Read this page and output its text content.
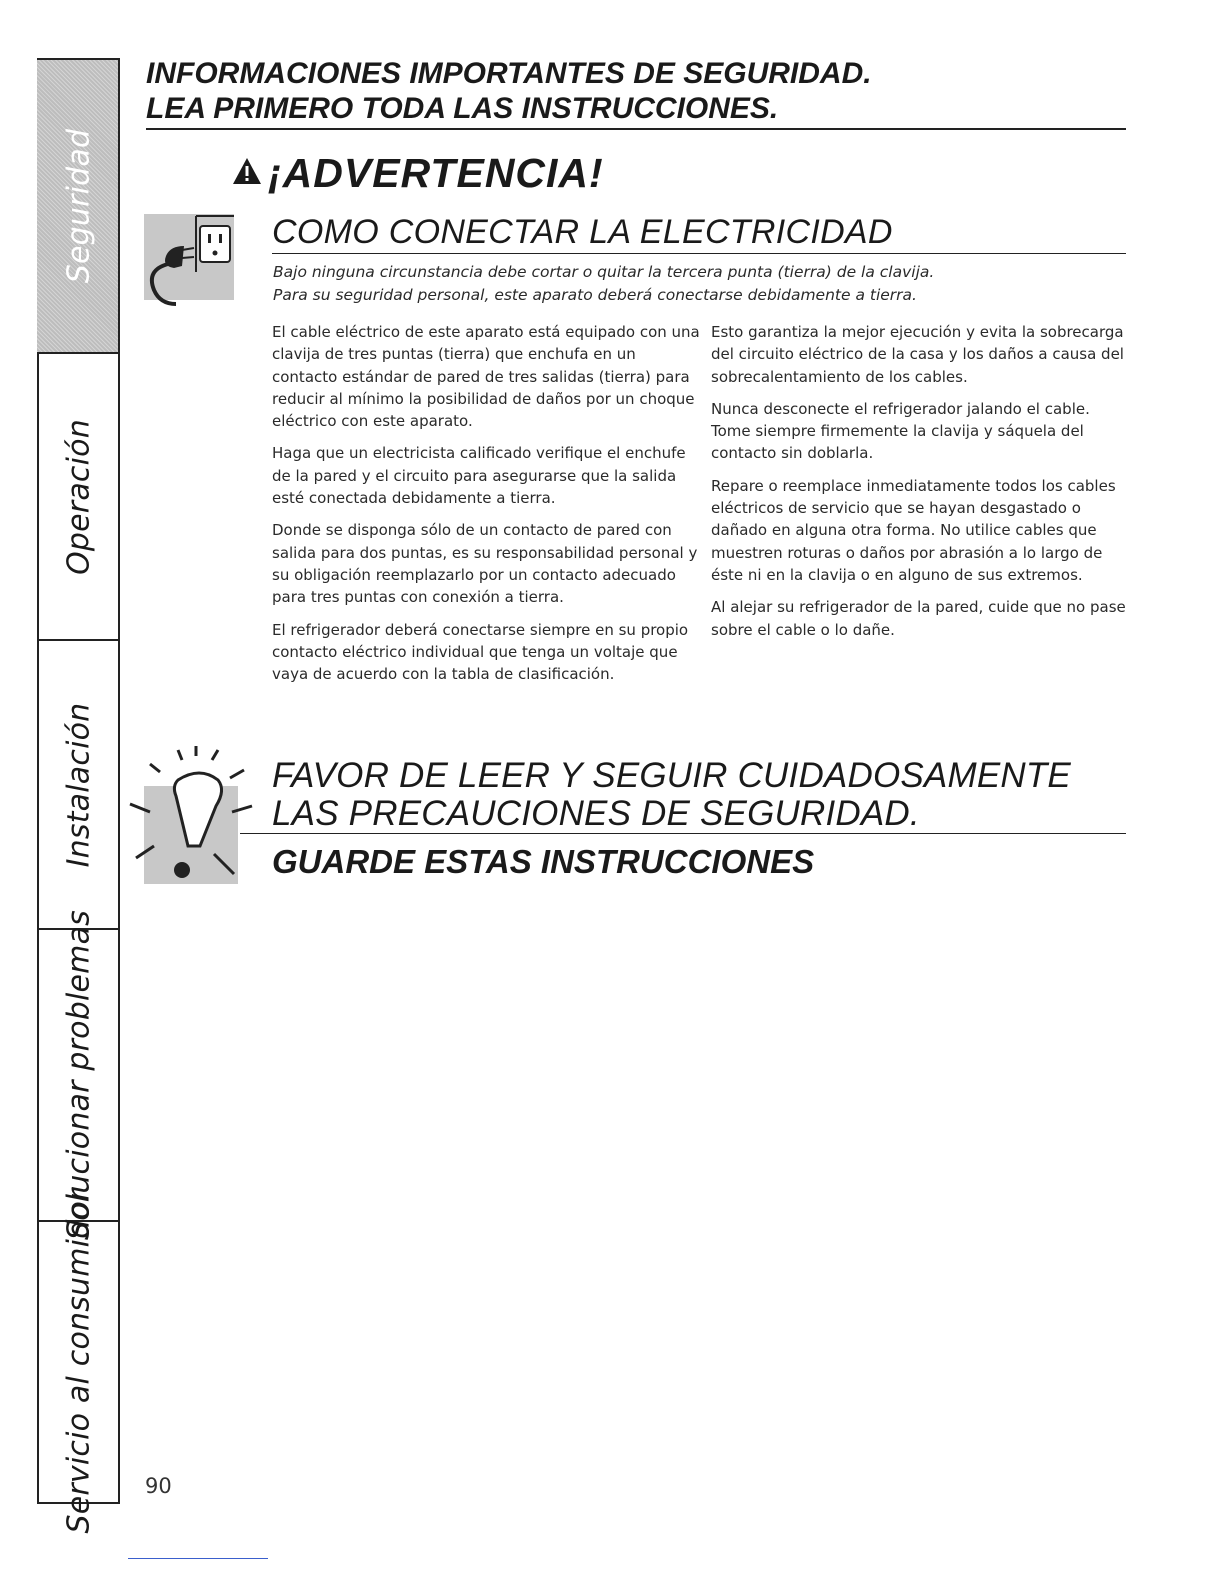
Seguridad
Operación
Instalación
Solucionar problemas
Servicio al consumidor
INFORMACIONES IMPORTANTES DE SEGURIDAD.
LEA PRIMERO TODA LAS INSTRUCCIONES.
¡ADVERTENCIA!
COMO CONECTAR LA ELECTRICIDAD
Bajo ninguna circunstancia debe cortar o quitar la tercera punta (tierra) de la clavija.
Para su seguridad personal, este aparato deberá conectarse debidamente a tierra.

El cable eléctrico de este aparato está equipado con una clavija de tres puntas (tierra) que enchufa en un contacto estándar de pared de tres salidas (tierra) para reducir al mínimo la posibilidad de daños por un choque eléctrico con este aparato.

Haga que un electricista calificado verifique el enchufe de la pared y el circuito para asegurarse que la salida esté conectada debidamente a tierra.

Donde se disponga sólo de un contacto de pared con salida para dos puntas, es su responsabilidad personal y su obligación reemplazarlo por un contacto adecuado para tres puntas con conexión a tierra.

El refrigerador deberá conectarse siempre en su propio contacto eléctrico individual que tenga un voltaje que vaya de acuerdo con la tabla de clasificación.

Esto garantiza la mejor ejecución y evita la sobrecarga del circuito eléctrico de la casa y los daños a causa del sobrecalentamiento de los cables.

Nunca desconecte el refrigerador jalando el cable. Tome siempre firmemente la clavija y sáquela del contacto sin doblarla.

Repare o reemplace inmediatamente todos los cables eléctricos de servicio que se hayan desgastado o dañado en alguna otra forma. No utilice cables que muestren roturas o daños por abrasión a lo largo de éste ni en la clavija o en alguno de sus extremos.

Al alejar su refrigerador de la pared, cuide que no pase sobre el cable o lo dañe.

FAVOR DE LEER Y SEGUIR CUIDADOSAMENTE
LAS PRECAUCIONES DE SEGURIDAD.
GUARDE ESTAS INSTRUCCIONES
90
